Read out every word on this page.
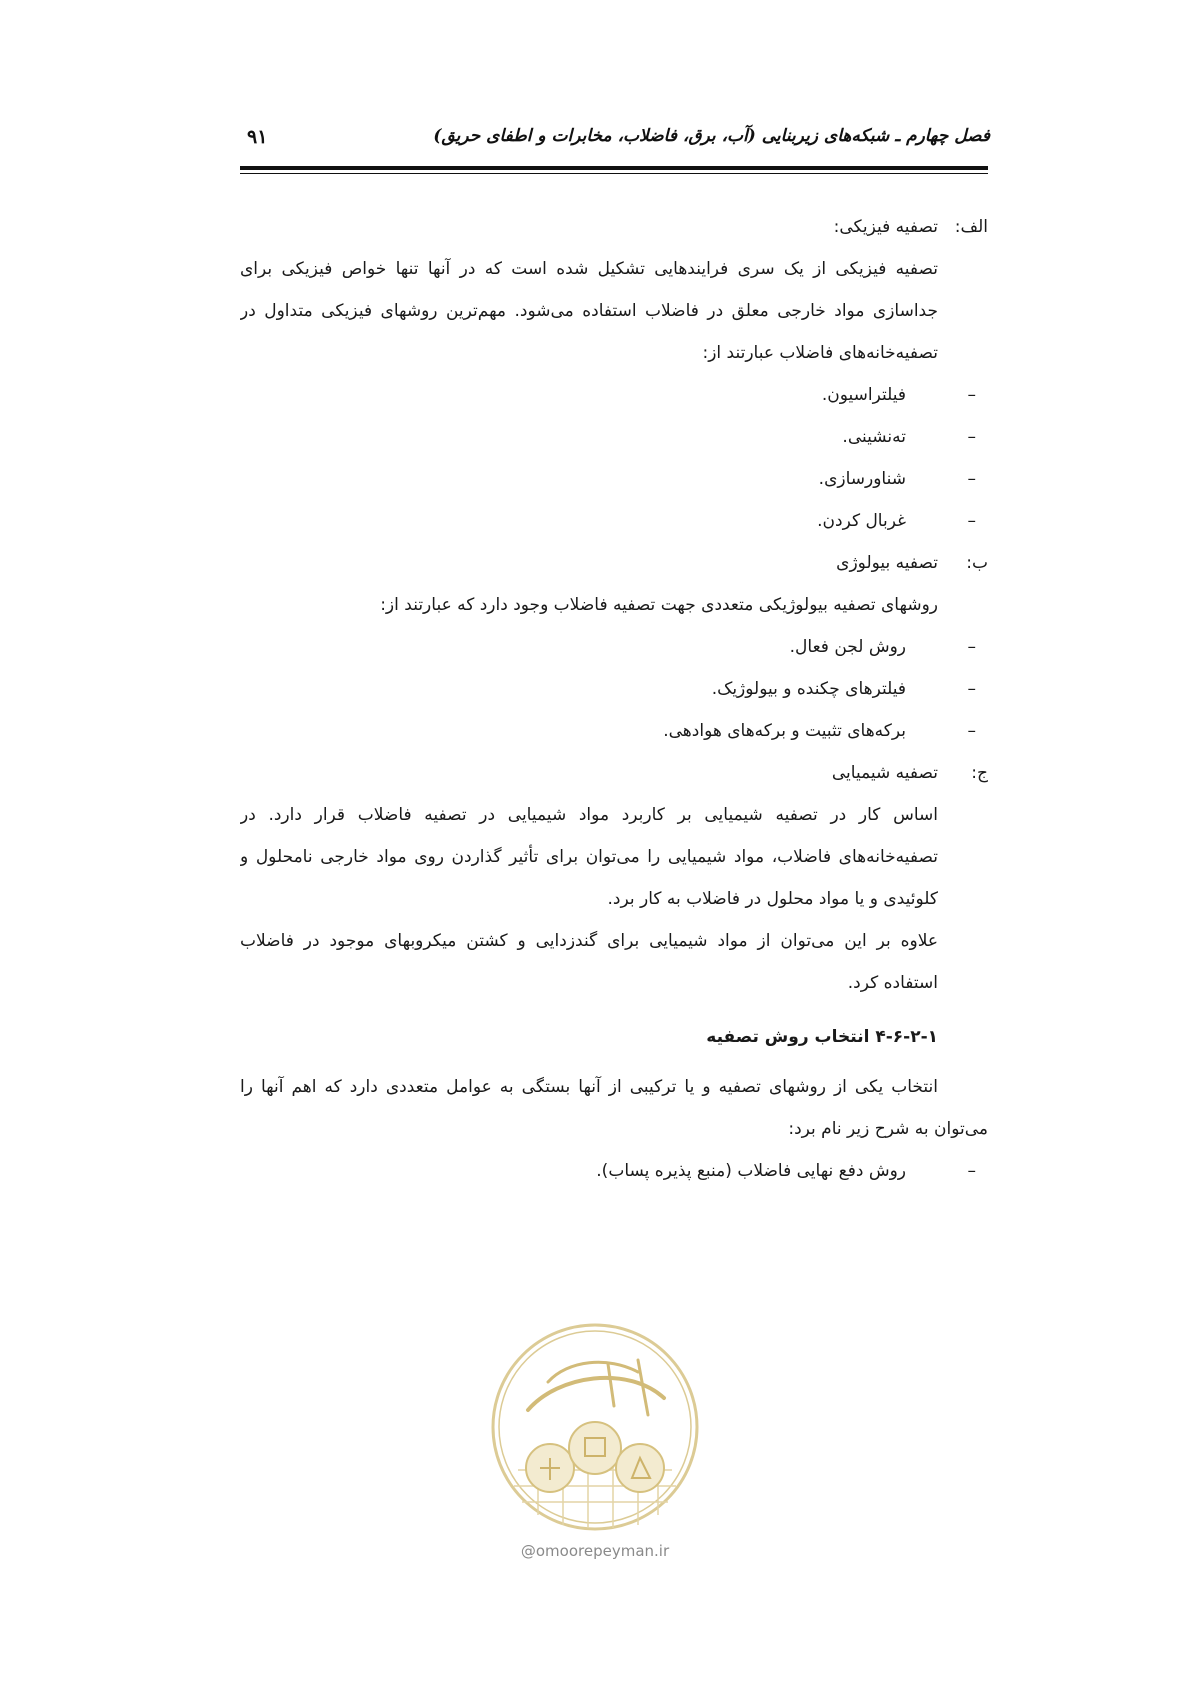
فصل چهارم ـ شبکه‌های زیربنایی (آب، برق، فاضلاب، مخابرات و اطفای حریق)
۹۱
الف:تصفیه فیزیکی:
تصفیه فیزیکی از یک سری فرایندهایی تشکیل شده است که در آنها تنها خواص فیزیکی برای
جداسازی مواد خارجی معلق در فاضلاب استفاده می‌شود. مهم‌ترین روشهای فیزیکی متداول در
تصفیه‌خانه‌های فاضلاب عبارتند از:
–فیلتراسیون.
–ته‌نشینی.
–شناورسازی.
–غربال کردن.
ب:تصفیه بیولوژی
روشهای تصفیه بیولوژیکی متعددی جهت تصفیه فاضلاب وجود دارد که عبارتند از:
–روش لجن فعال.
–فیلترهای چکنده و بیولوژیک.
–برکه‌های تثبیت و برکه‌های هوادهی.
ج:تصفیه شیمیایی
اساس کار در تصفیه شیمیایی بر کاربرد مواد شیمیایی در تصفیه فاضلاب قرار دارد. در
تصفیه‌خانه‌های فاضلاب، مواد شیمیایی را می‌توان برای تأثیر گذاردن روی مواد خارجی نامحلول و
کلوئیدی و یا مواد محلول در فاضلاب به کار برد.
علاوه بر این می‌توان از مواد شیمیایی برای گندزدایی و کشتن میکروبهای موجود در فاضلاب
استفاده کرد.
۴-۶-۲-۱ انتخاب روش تصفیه
انتخاب یکی از روشهای تصفیه و یا ترکیبی از آنها بستگی به عوامل متعددی دارد که اهم آنها را
می‌توان به شرح زیر نام برد:
–روش دفع نهایی فاضلاب (منبع پذیره پساب).
@omoorepeyman.ir
